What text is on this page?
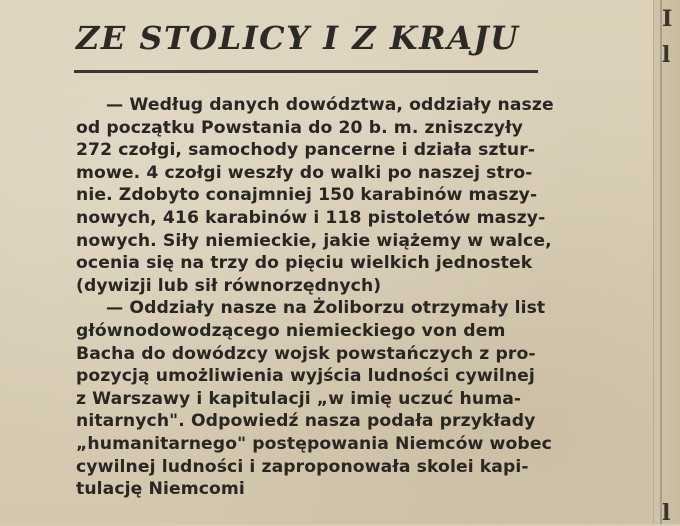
ZE STOLICY I Z KRAJU
— Według danych dowództwa, oddziały nasze
od początku Powstania do 20 b. m. zniszczyły
272 czołgi, samochody pancerne i działa sztur-
mowe. 4 czołgi weszły do walki po naszej stro-
nie. Zdobyto conajmniej 150 karabinów maszy-
nowych, 416 karabinów i 118 pistoletów maszy-
nowych. Siły niemieckie, jakie wiążemy w walce,
ocenia się na trzy do pięciu wielkich jednostek
(dywizji lub sił równorzędnych)
— Oddziały nasze na Żoliborzu otrzymały list
głównodowodzącego niemieckiego von dem
Bacha do dowódzcy wojsk powstańczych z pro-
pozycją umożliwienia wyjścia ludności cywilnej
z Warszawy i kapitulacji „w imię uczuć huma-
nitarnych". Odpowiedź nasza podała przykłady
„humanitarnego" postępowania Niemców wobec
cywilnej ludności i zaproponowała skolei kapi-
tulację Niemcomi
I
l
l
